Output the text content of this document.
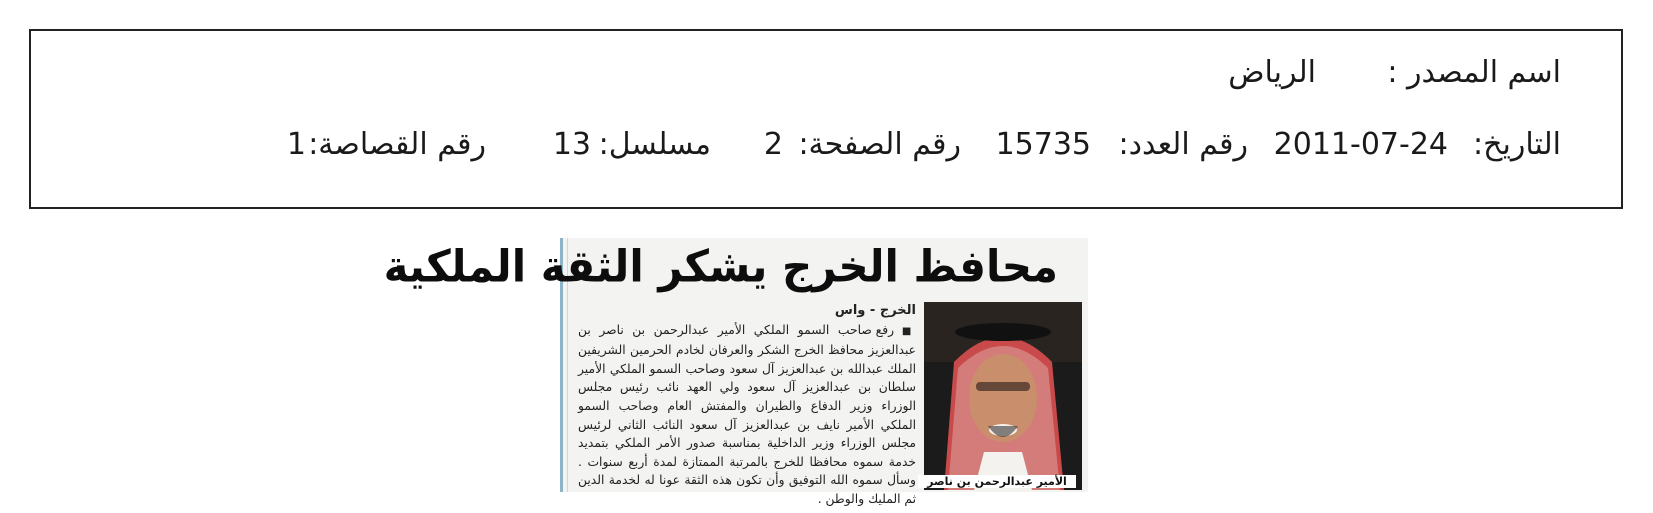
اسم المصدر :
الرياض
التاريخ:
2011-07-24
رقم العدد:
15735
رقم الصفحة:
2
مسلسل:
13
رقم القصاصة:
1
محافظ الخرج يشكر الثقة الملكية
الأمير عبدالرحمن بن ناصر
الخرج - واس
■ رفع صاحب السمو الملكي الأمير عبدالرحمن بن ناصر بن عبدالعزيز محافظ الخرج الشكر والعرفان لخادم الحرمين الشريفين الملك عبدالله بن عبدالعزيز آل سعود وصاحب السمو الملكي الأمير سلطان بن عبدالعزيز آل سعود ولي العهد نائب رئيس مجلس الوزراء وزير الدفاع والطيران والمفتش العام وصاحب السمو الملكي الأمير نايف بن عبدالعزيز آل سعود النائب الثاني لرئيس مجلس الوزراء وزير الداخلية بمناسبة صدور الأمر الملكي بتمديد خدمة سموه محافظا للخرج بالمرتبة الممتازة لمدة أربع سنوات . وسأل سموه الله التوفيق وأن تكون هذه الثقة عونا له لخدمة الدين ثم المليك والوطن .
